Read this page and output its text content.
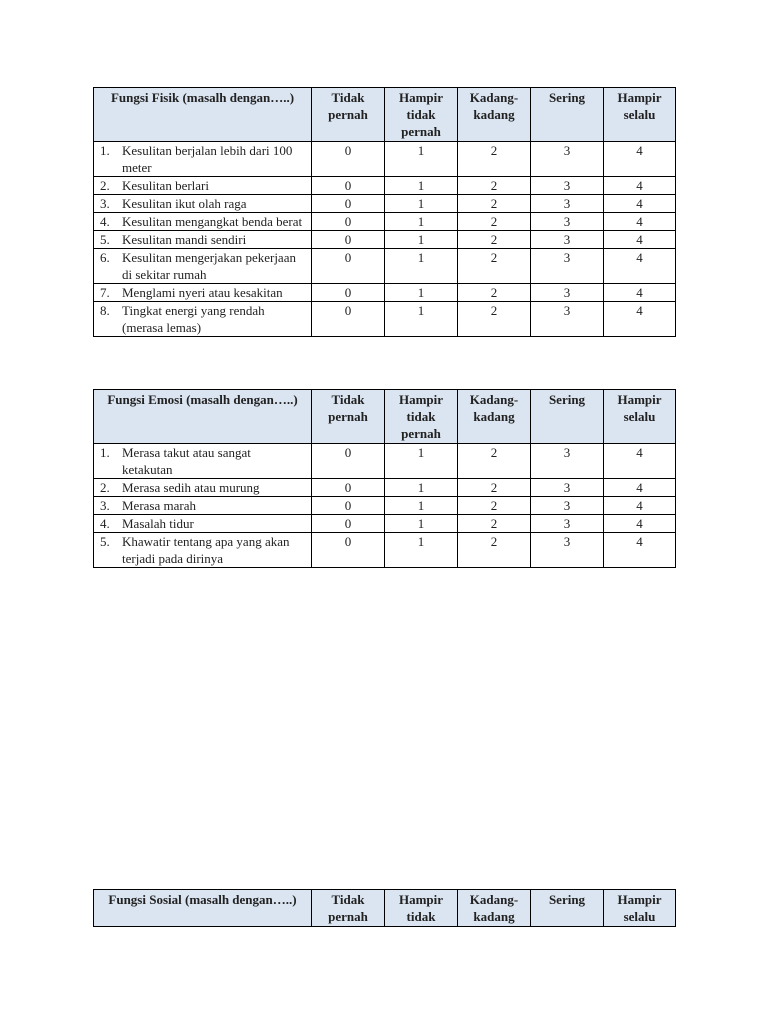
Fungsi Fisik (masalh dengan…..)	Tidak pernah	Hampir tidak pernah	Kadang-kadang	Sering	Hampir selalu
1. Kesulitan berjalan lebih dari 100 meter	0	1	2	3	4
2. Kesulitan berlari	0	1	2	3	4
3. Kesulitan ikut olah raga	0	1	2	3	4
4. Kesulitan mengangkat benda berat	0	1	2	3	4
5. Kesulitan mandi sendiri	0	1	2	3	4
6. Kesulitan mengerjakan pekerjaan di sekitar rumah	0	1	2	3	4
7. Menglami nyeri atau kesakitan	0	1	2	3	4
8. Tingkat energi yang rendah (merasa lemas)	0	1	2	3	4
Fungsi Emosi (masalh dengan…..)	Tidak pernah	Hampir tidak pernah	Kadang-kadang	Sering	Hampir selalu
1. Merasa takut atau sangat ketakutan	0	1	2	3	4
2. Merasa sedih atau murung	0	1	2	3	4
3. Merasa marah	0	1	2	3	4
4. Masalah tidur	0	1	2	3	4
5. Khawatir tentang apa yang akan terjadi pada dirinya	0	1	2	3	4
Fungsi Sosial (masalh dengan…..)	Tidak pernah	Hampir tidak	Kadang-kadang	Sering	Hampir selalu
